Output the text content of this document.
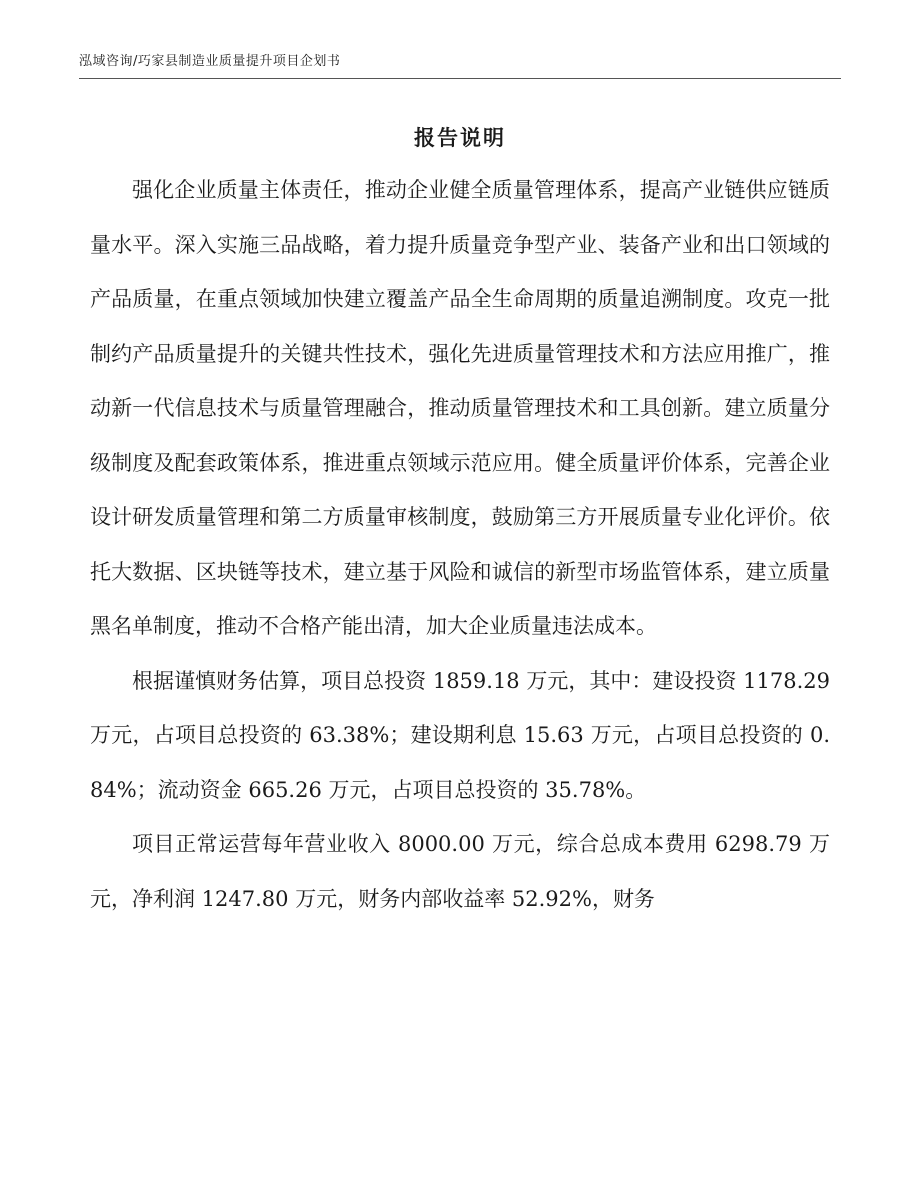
泓域咨询/巧家县制造业质量提升项目企划书
报告说明

强化企业质量主体责任，推动企业健全质量管理体系，提高产业链供应链质量水平。深入实施三品战略，着力提升质量竞争型产业、装备产业和出口领域的产品质量，在重点领域加快建立覆盖产品全生命周期的质量追溯制度。攻克一批制约产品质量提升的关键共性技术，强化先进质量管理技术和方法应用推广，推动新一代信息技术与质量管理融合，推动质量管理技术和工具创新。建立质量分级制度及配套政策体系，推进重点领域示范应用。健全质量评价体系，完善企业设计研发质量管理和第二方质量审核制度，鼓励第三方开展质量专业化评价。依托大数据、区块链等技术，建立基于风险和诚信的新型市场监管体系，建立质量黑名单制度，推动不合格产能出清，加大企业质量违法成本。

根据谨慎财务估算，项目总投资 1859.18 万元，其中：建设投资 1178.29 万元，占项目总投资的 63.38%；建设期利息 15.63 万元，占项目总投资的 0.84%；流动资金 665.26 万元，占项目总投资的 35.78%。

项目正常运营每年营业收入 8000.00 万元，综合总成本费用 6298.79 万元，净利润 1247.80 万元，财务内部收益率 52.92%，财务
